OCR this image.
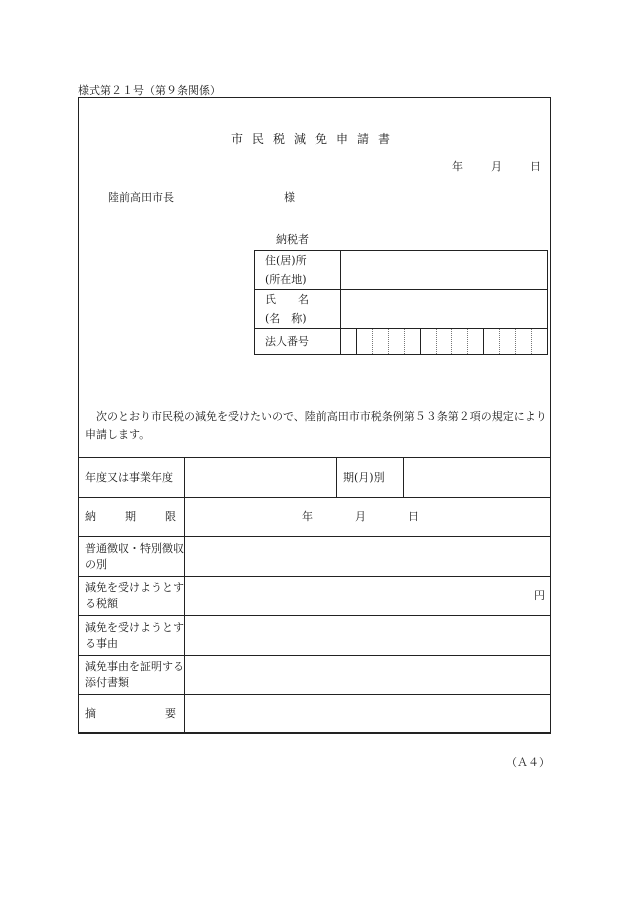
様式第２１号（第９条関係）
市民税減免申請書
年	月	日
陸前高田市長	様
納税者
住(居)所
(所在地)	

氏　　名
(名　称)	

法人番号	
次のとおり市民税の減免を受けたいので、陸前高田市市税条例第５３条第２項の規定により申請します。
年度又は事業年度		期(月)別	

納 期 限	年 月 日		

普通徴収・特別徴収の別			
減免を受けようとする税額	円		
減免を受けようとする事由			
減免事由を証明する添付書類			

摘 要			

（Ａ４）
